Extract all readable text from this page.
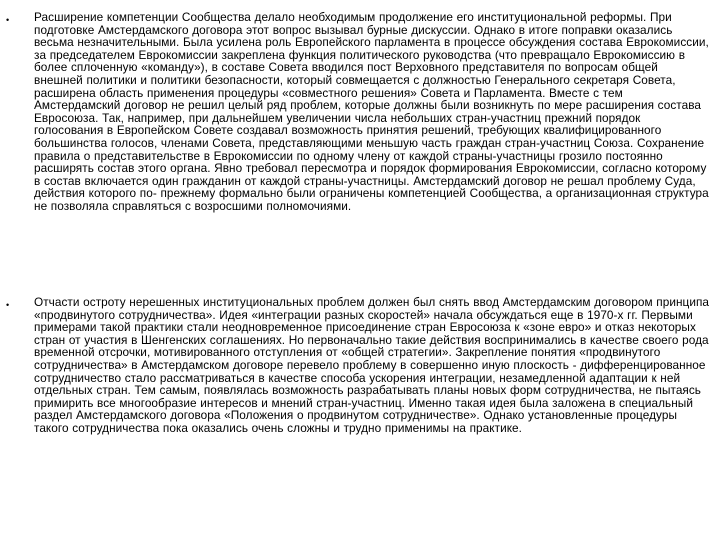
• Расширение компетенции Сообщества делало необходимым продолжение его институциональной реформы. При подготовке Амстердамского договора этот вопрос вызывал бурные дискуссии. Однако в итоге поправки оказались весьма незначительными. Была усилена роль Европейского парламента в процессе обсуждения состава Еврокомиссии, за председателем Еврокомиссии закреплена функция политического руководства (что превращало Еврокомиссию в более сплоченную «команду»), в составе Совета вводился пост Верховного представителя по вопросам общей внешней политики и политики безопасности, который совмещается с должностью Генерального секретаря Совета, расширена область применения процедуры «совместного решения» Совета и Парламента. Вместе с тем Амстердамский договор не решил целый ряд проблем, которые должны были возникнуть по мере расширения состава Евросоюза. Так, например, при дальнейшем увеличении числа небольших стран-участниц прежний порядок голосования в Европейском Совете создавал возможность принятия решений, требующих квалифицированного большинства голосов, членами Совета, представляющими меньшую часть граждан стран-участниц Союза. Сохранение правила о представительстве в Еврокомиссии по одному члену от каждой страны-участницы грозило постоянно расширять состав этого органа. Явно требовал пересмотра и порядок формирования Еврокомиссии, согласно которому в состав включается один гражданин от каждой страны-участницы. Амстердамский договор не решал проблему Суда, действия которого по- прежнему формально были ограничены компетенцией Сообщества, а организационная структура не позволяла справляться с возросшими полномочиями.

• Отчасти остроту нерешенных институциональных проблем должен был снять ввод Амстердамским договором принципа «продвинутого сотрудничества». Идея «интеграции разных скоростей» начала обсуждаться еще в 1970-х гг. Первыми примерами такой практики стали неодновременное присоединение стран Евросоюза к «зоне евро» и отказ некоторых стран от участия в Шенгенских соглашениях. Но первоначально такие действия воспринимались в качестве своего рода временной отсрочки, мотивированного отступления от «общей стратегии». Закрепление понятия «продвинутого сотрудничества» в Амстердамском договоре перевело проблему в совершенно иную плоскость - дифференцированное сотрудничество стало рассматриваться в качестве способа ускорения интеграции, незамедленной адаптации к ней отдельных стран. Тем самым, появлялась возможность разрабатывать планы новых форм сотрудничества, не пытаясь примирить все многообразие интересов и мнений стран-участниц. Именно такая идея была заложена в специальный раздел Амстердамского договора «Положения о продвинутом сотрудничестве». Однако установленные процедуры такого сотрудничества пока оказались очень сложны и трудно применимы на практике.
